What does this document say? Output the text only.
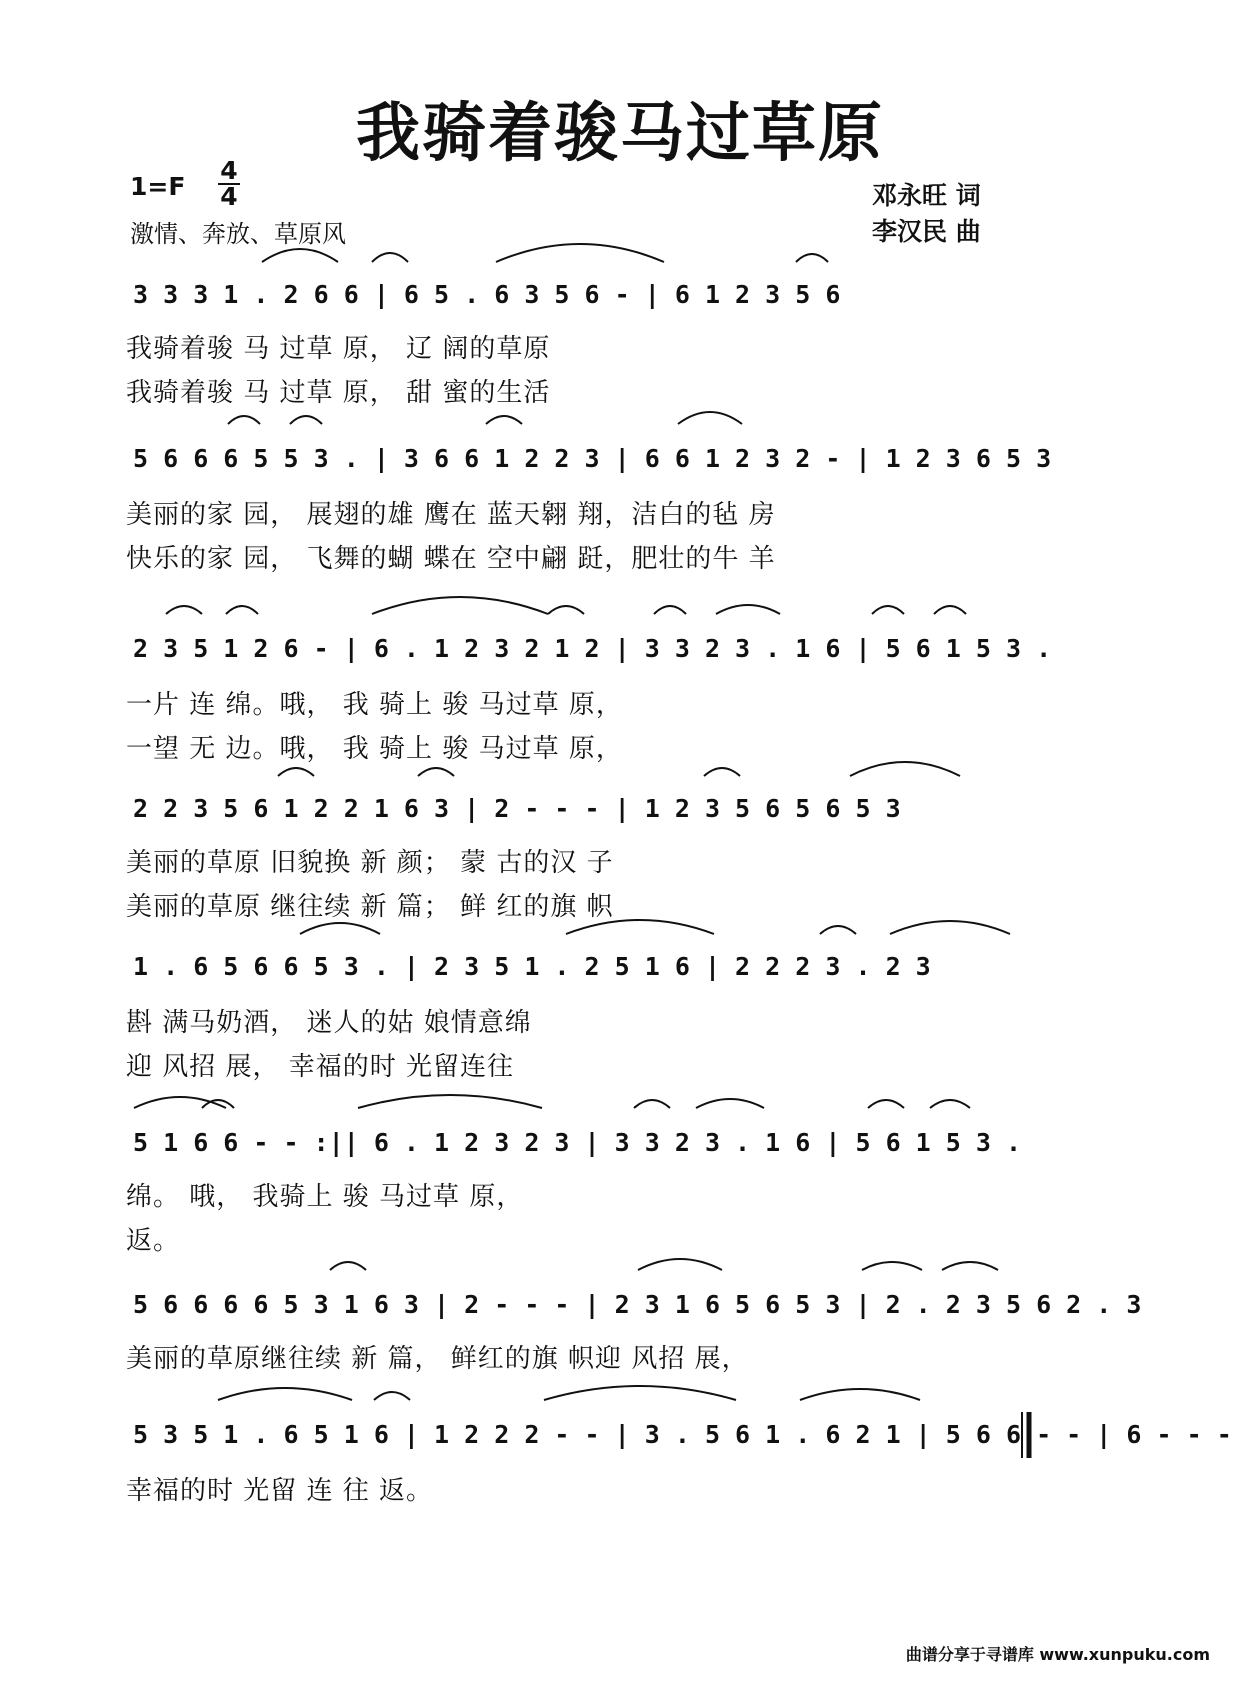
我骑着骏马过草原
1=F
4
4
激情、奔放、草原风
邓永旺 词
李汉民 曲
3 3 3 1 . 2 6 6 | 6 5 . 6 3 5 6 - | 6 1 2 3 5 6
我骑着骏 马 过草 原， 辽 阔的草原
我骑着骏 马 过草 原， 甜 蜜的生活
5 6 6 6 5 5 3 . | 3 6 6 1 2 2 3 | 6 6 1 2 3 2 - | 1 2 3 6 5 3
美丽的家 园， 展翅的雄 鹰在 蓝天翱 翔，洁白的毡 房
快乐的家 园， 飞舞的蝴 蝶在 空中翩 跹，肥壮的牛 羊
2 3 5 1 2 6 - | 6 . 1 2 3 2 1 2 | 3 3 2 3 . 1 6 | 5 6 1 5 3 .
一片 连 绵。哦， 我 骑上 骏 马过草 原，
一望 无 边。哦， 我 骑上 骏 马过草 原，
2 2 3 5 6 1 2 2 1 6 3 | 2 - - - | 1 2 3 5 6 5 6 5 3
美丽的草原 旧貌换 新 颜； 蒙 古的汉 子
美丽的草原 继往续 新 篇； 鲜 红的旗 帜
1 . 6 5 6 6 5 3 . | 2 3 5 1 . 2 5 1 6 | 2 2 2 3 . 2 3
斟 满马奶酒， 迷人的姑 娘情意绵
迎 风招 展， 幸福的时 光留连往
5 1 6 6 - - :|| 6 . 1 2 3 2 3 | 3 3 2 3 . 1 6 | 5 6 1 5 3 .
绵。 哦， 我骑上 骏 马过草 原，
返。
5 6 6 6 6 5 3 1 6 3 | 2 - - - | 2 3 1 6 5 6 5 3 | 2 . 2 3 5 6 2 . 3
美丽的草原继往续 新 篇， 鲜红的旗 帜迎 风招 展，
5 3 5 1 . 6 5 1 6 | 1 2 2 2 - - | 3 . 5 6 1 . 6 2 1 | 5 6 6 - - | 6 - - -
幸福的时 光留 连 往 返。
曲谱分享于寻谱库 www.xunpuku.com
